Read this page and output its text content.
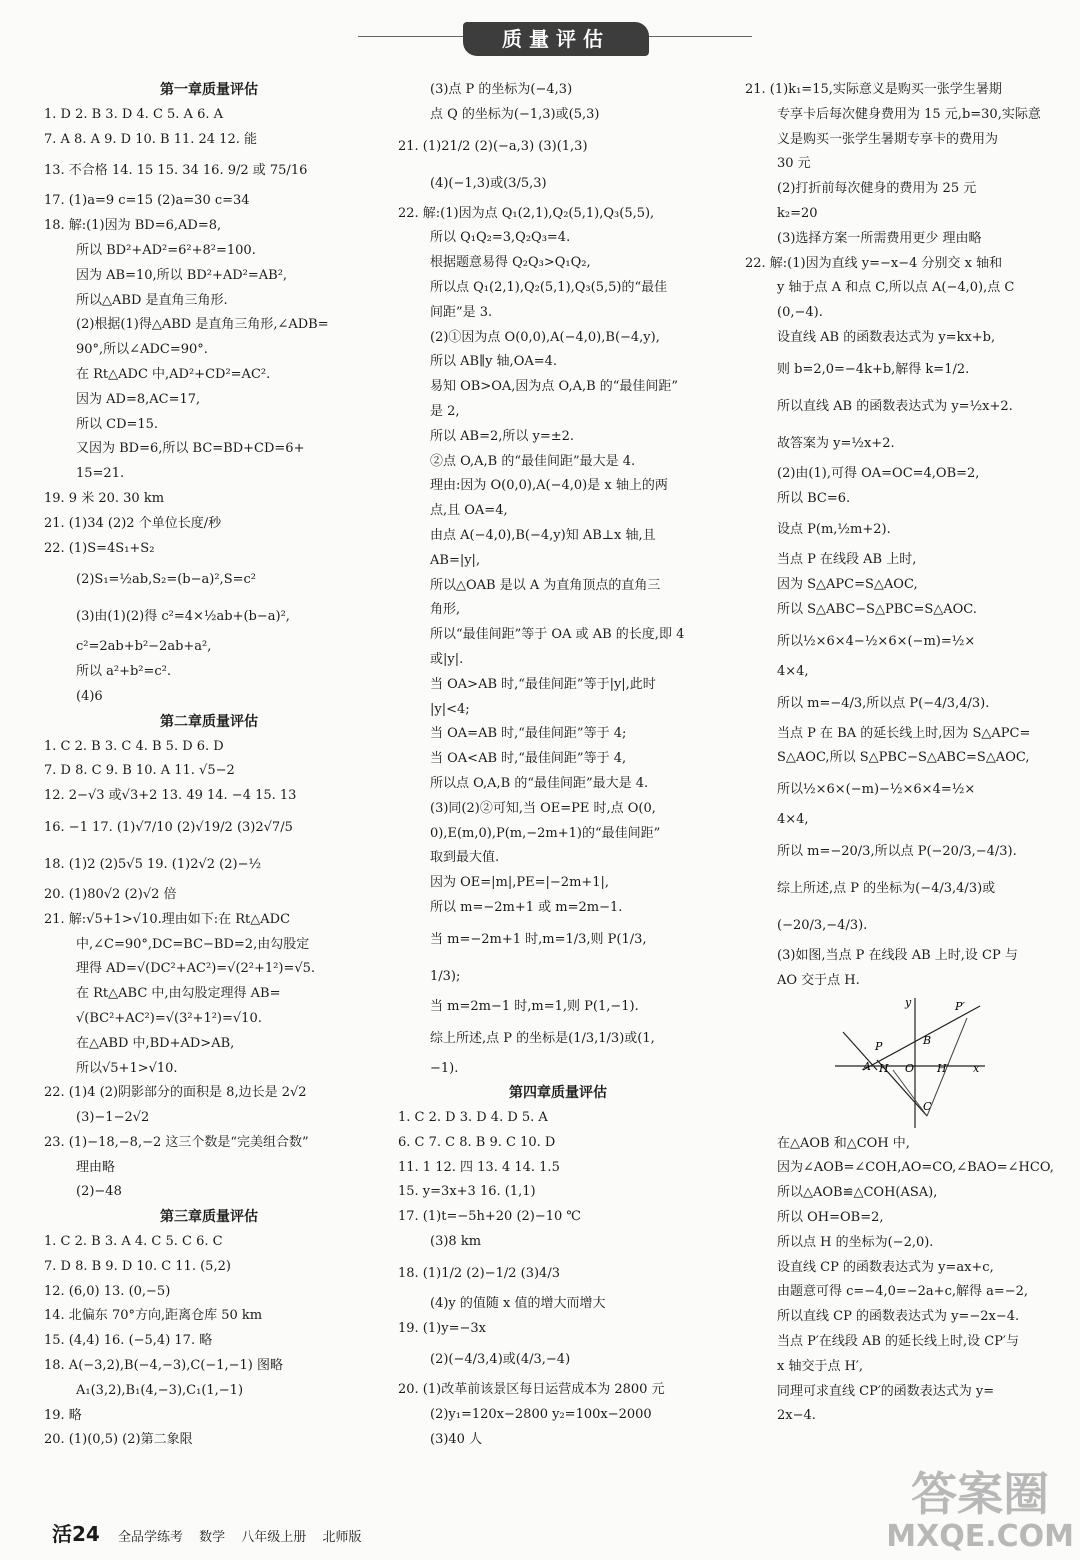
质量评估
第一章质量评估
1. D 2. B 3. D 4. C 5. A 6. A
7. A 8. A 9. D 10. B 11. 24 12. 能
13. 不合格 14. 15 15. 34 16. 9/2 或 75/16
17. (1)a=9 c=15 (2)a=30 c=34
18. 解:(1)因为 BD=6,AD=8,
所以 BD²+AD²=6²+8²=100.
因为 AB=10,所以 BD²+AD²=AB²,
所以△ABD 是直角三角形.
(2)根据(1)得△ABD 是直角三角形,∠ADB=
90°,所以∠ADC=90°.
在 Rt△ADC 中,AD²+CD²=AC².
因为 AD=8,AC=17,
所以 CD=15.
又因为 BD=6,所以 BC=BD+CD=6+
15=21.
19. 9 米 20. 30 km
21. (1)34 (2)2 个单位长度/秒
22. (1)S=4S₁+S₂
(2)S₁=½ab,S₂=(b−a)²,S=c²
(3)由(1)(2)得 c²=4×½ab+(b−a)²,
c²=2ab+b²−2ab+a²,
所以 a²+b²=c².
(4)6
第二章质量评估
1. C 2. B 3. C 4. B 5. D 6. D
7. D 8. C 9. B 10. A 11. √5−2
12. 2−√3 或√3+2 13. 49 14. −4 15. 13
16. −1 17. (1)√7/10 (2)√19/2 (3)2√7/5
18. (1)2 (2)5√5 19. (1)2√2 (2)−½
20. (1)80√2 (2)√2 倍
21. 解:√5+1>√10.理由如下:在 Rt△ADC
中,∠C=90°,DC=BC−BD=2,由勾股定
理得 AD=√(DC²+AC²)=√(2²+1²)=√5.
在 Rt△ABC 中,由勾股定理得 AB=
√(BC²+AC²)=√(3²+1²)=√10.
在△ABD 中,BD+AD>AB,
所以√5+1>√10.
22. (1)4 (2)阴影部分的面积是 8,边长是 2√2
(3)−1−2√2
23. (1)−18,−8,−2 这三个数是“完美组合数”
理由略
(2)−48
第三章质量评估
1. C 2. B 3. A 4. C 5. C 6. C
7. D 8. B 9. D 10. C 11. (5,2)
12. (6,0) 13. (0,−5)
14. 北偏东 70°方向,距离仓库 50 km
15. (4,4) 16. (−5,4) 17. 略
18. A(−3,2),B(−4,−3),C(−1,−1) 图略
A₁(3,2),B₁(4,−3),C₁(1,−1)
19. 略
20. (1)(0,5) (2)第二象限
(3)点 P 的坐标为(−4,3)
点 Q 的坐标为(−1,3)或(5,3)
21. (1)21/2 (2)(−a,3) (3)(1,3)
(4)(−1,3)或(3/5,3)
22. 解:(1)因为点 Q₁(2,1),Q₂(5,1),Q₃(5,5),
所以 Q₁Q₂=3,Q₂Q₃=4.
根据题意易得 Q₂Q₃>Q₁Q₂,
所以点 Q₁(2,1),Q₂(5,1),Q₃(5,5)的“最佳
间距”是 3.
(2)①因为点 O(0,0),A(−4,0),B(−4,y),
所以 AB∥y 轴,OA=4.
易知 OB>OA,因为点 O,A,B 的“最佳间距”
是 2,
所以 AB=2,所以 y=±2.
②点 O,A,B 的“最佳间距”最大是 4.
理由:因为 O(0,0),A(−4,0)是 x 轴上的两
点,且 OA=4,
由点 A(−4,0),B(−4,y)知 AB⊥x 轴,且
AB=|y|,
所以△OAB 是以 A 为直角顶点的直角三
角形,
所以“最佳间距”等于 OA 或 AB 的长度,即 4
或|y|.
当 OA>AB 时,“最佳间距”等于|y|,此时
|y|<4;
当 OA=AB 时,“最佳间距”等于 4;
当 OA<AB 时,“最佳间距”等于 4,
所以点 O,A,B 的“最佳间距”最大是 4.
(3)同(2)②可知,当 OE=PE 时,点 O(0,
0),E(m,0),P(m,−2m+1)的“最佳间距”
取到最大值.
因为 OE=|m|,PE=|−2m+1|,
所以 m=−2m+1 或 m=2m−1.
当 m=−2m+1 时,m=1/3,则 P(1/3,
1/3);
当 m=2m−1 时,m=1,则 P(1,−1).
综上所述,点 P 的坐标是(1/3,1/3)或(1,
−1).
第四章质量评估
1. C 2. D 3. D 4. D 5. A
6. C 7. C 8. B 9. C 10. D
11. 1 12. 四 13. 4 14. 1.5
15. y=3x+3 16. (1,1)
17. (1)t=−5h+20 (2)−10 ℃
(3)8 km
18. (1)1/2 (2)−1/2 (3)4/3
(4)y 的值随 x 值的增大而增大
19. (1)y=−3x
(2)(−4/3,4)或(4/3,−4)
20. (1)改革前该景区每日运营成本为 2800 元
(2)y₁=120x−2800 y₂=100x−2000
(3)40 人
21. (1)k₁=15,实际意义是购买一张学生暑期
专享卡后每次健身费用为 15 元,b=30,实际意
义是购买一张学生暑期专享卡的费用为
30 元
(2)打折前每次健身的费用为 25 元
k₂=20
(3)选择方案一所需费用更少 理由略
22. 解:(1)因为直线 y=−x−4 分别交 x 轴和
y 轴于点 A 和点 C,所以点 A(−4,0),点 C
(0,−4).
设直线 AB 的函数表达式为 y=kx+b,
则 b=2,0=−4k+b,解得 k=1/2.
所以直线 AB 的函数表达式为 y=½x+2.
故答案为 y=½x+2.
(2)由(1),可得 OA=OC=4,OB=2,
所以 BC=6.
设点 P(m,½m+2).
当点 P 在线段 AB 上时,
因为 S△APC=S△AOC,
所以 S△ABC−S△PBC=S△AOC.
所以½×6×4−½×6×(−m)=½×
4×4,
所以 m=−4/3,所以点 P(−4/3,4/3).
当点 P 在 BA 的延长线上时,因为 S△APC=
S△AOC,所以 S△PBC−S△ABC=S△AOC,
所以½×6×(−m)−½×6×4=½×
4×4,
所以 m=−20/3,所以点 P(−20/3,−4/3).
综上所述,点 P 的坐标为(−4/3,4/3)或
(−20/3,−4/3).
(3)如图,当点 P 在线段 AB 上时,设 CP 与
AO 交于点 H.
y	P′
P	B
A H O H′ x
C
在△AOB 和△COH 中,
因为∠AOB=∠COH,AO=CO,∠BAO=∠HCO,
所以△AOB≌△COH(ASA),
所以 OH=OB=2,
所以点 H 的坐标为(−2,0).
设直线 CP 的函数表达式为 y=ax+c,
由题意可得 c=−4,0=−2a+c,解得 a=−2,
所以直线 CP 的函数表达式为 y=−2x−4.
当点 P′在线段 AB 的延长线上时,设 CP′与
x 轴交于点 H′,
同理可求直线 CP′的函数表达式为 y=
2x−4.
活24 全品学练考 数学 八年级上册 北师版
答案圈
MXQE.COM
